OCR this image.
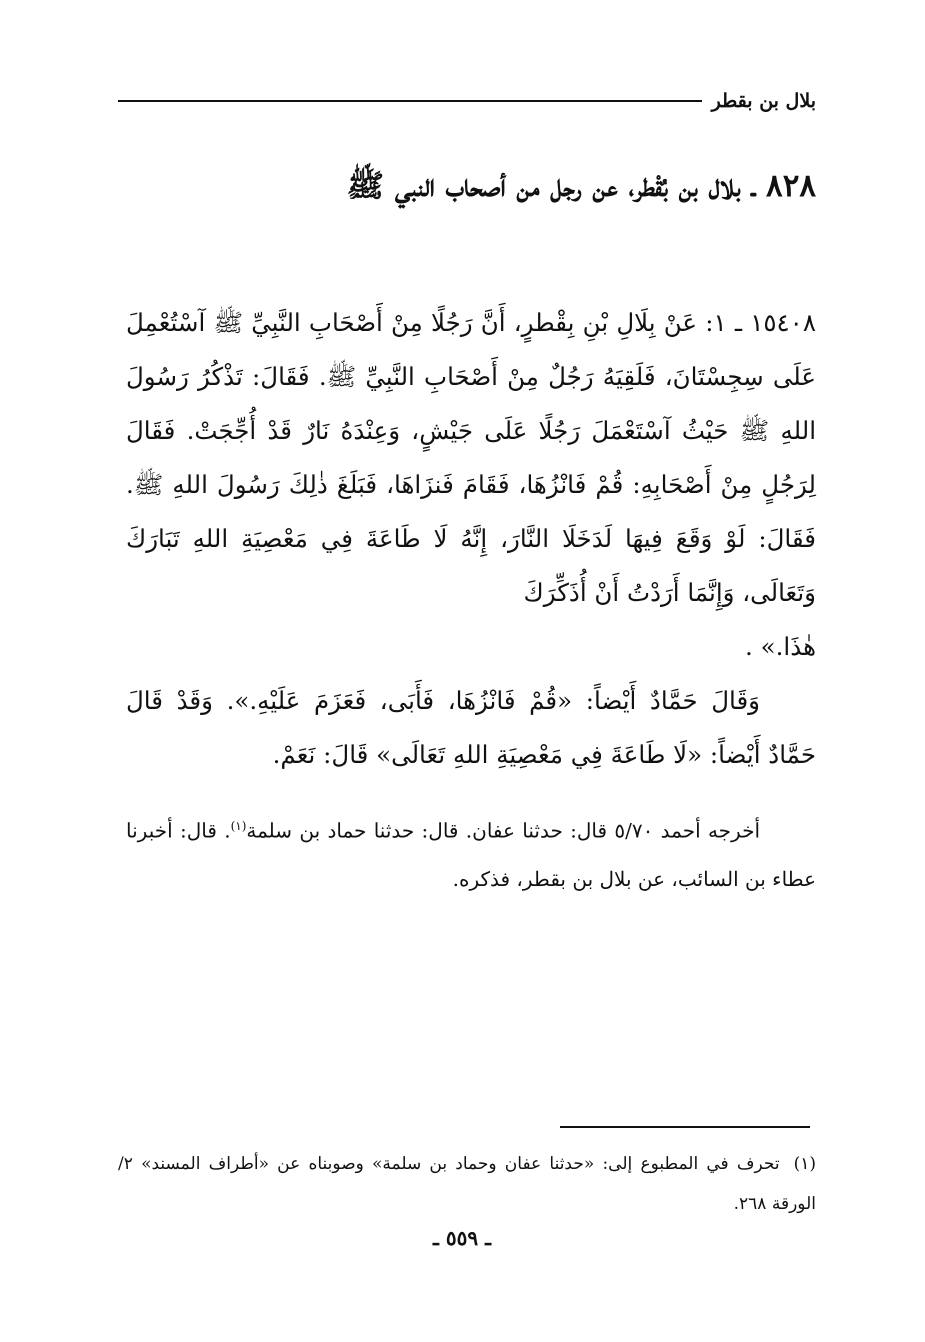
بلال بن بقطر
٨٢٨ ـ بلال بن بُقْطر، عن رجل من أصحاب النبي ﷺ

١٥٤٠٨ ـ ١: عَنْ بِلَالِ بْنِ بِقْطرٍ، أَنَّ رَجُلًا مِنْ أَصْحَابِ النَّبِيِّ ﷺ آسْتُعْمِلَ عَلَى سِجِسْتَانَ، فَلَقِيَهُ رَجُلٌ مِنْ أَصْحَابِ النَّبِيِّ ﷺ. فَقَالَ: تَذْكُرُ رَسُولَ اللهِ ﷺ حَيْثُ آسْتَعْمَلَ رَجُلًا عَلَى جَيْشٍ، وَعِنْدَهُ نَارٌ قَدْ أُجِّجَتْ. فَقَالَ لِرَجُلٍ مِنْ أَصْحَابِهِ: قُمْ فَانْزُهَا، فَقَامَ فَنزَاهَا، فَبَلَغَ ذٰلِكَ رَسُولَ اللهِ ﷺ. فَقَالَ: لَوْ وَقَعَ فِيهَا لَدَخَلَا النَّارَ، إِنَّهُ لَا طَاعَةَ فِي مَعْصِيَةِ اللهِ تَبَارَكَ وَتَعَالَى، وَإِنَّمَا أَرَدْتُ أَنْ أُذَكِّرَكَ
هٰذَا.» .

وَقَالَ حَمَّادٌ أَيْضاً: «قُمْ فَانْزُهَا، فَأَبَى، فَعَزَمَ عَلَيْهِ.». وَقَدْ قَالَ حَمَّادٌ أَيْضاً: «لَا طَاعَةَ فِي مَعْصِيَةِ اللهِ تَعَالَى» قَالَ: نَعَمْ.

أخرجه أحمد ٥/٧٠ قال: حدثنا عفان. قال: حدثنا حماد بن سلمة$^{(١)}$. قال: أخبرنا عطاء بن السائب، عن بلال بن بقطر، فذكره.

(١)تحرف في المطبوع إلى: «حدثنا عفان وحماد بن سلمة» وصوبناه عن «أطراف المسند» ٢/الورقة ٢٦٨.
ـ ٥٥٩ ـ
